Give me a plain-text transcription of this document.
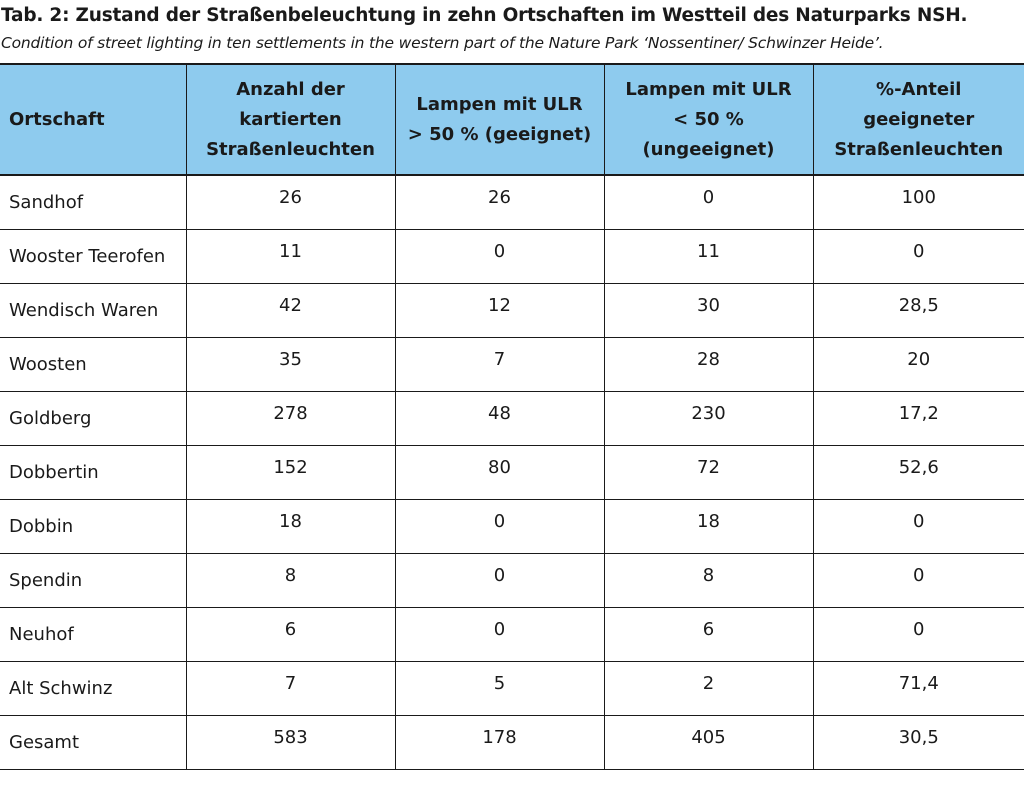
Tab. 2: Zustand der Straßenbeleuchtung in zehn Ortschaften im Westteil des Naturparks NSH.
Condition of street lighting in ten settlements in the western part of the Nature Park ‘Nossentiner/ Schwinzer Heide’.
Ortschaft	Anzahl der
kartierten
Straßenleuchten	Lampen mit ULR
> 50 % (geeignet)	Lampen mit ULR
< 50 %
(ungeeignet)	%-Anteil
geeigneter
Straßenleuchten
Sandhof	26	26	0	100
Wooster Teerofen	11	0	11	0
Wendisch Waren	42	12	30	28,5
Woosten	35	7	28	20
Goldberg	278	48	230	17,2
Dobbertin	152	80	72	52,6
Dobbin	18	0	18	0
Spendin	8	0	8	0
Neuhof	6	0	6	0
Alt Schwinz	7	5	2	71,4
Gesamt	583	178	405	30,5
